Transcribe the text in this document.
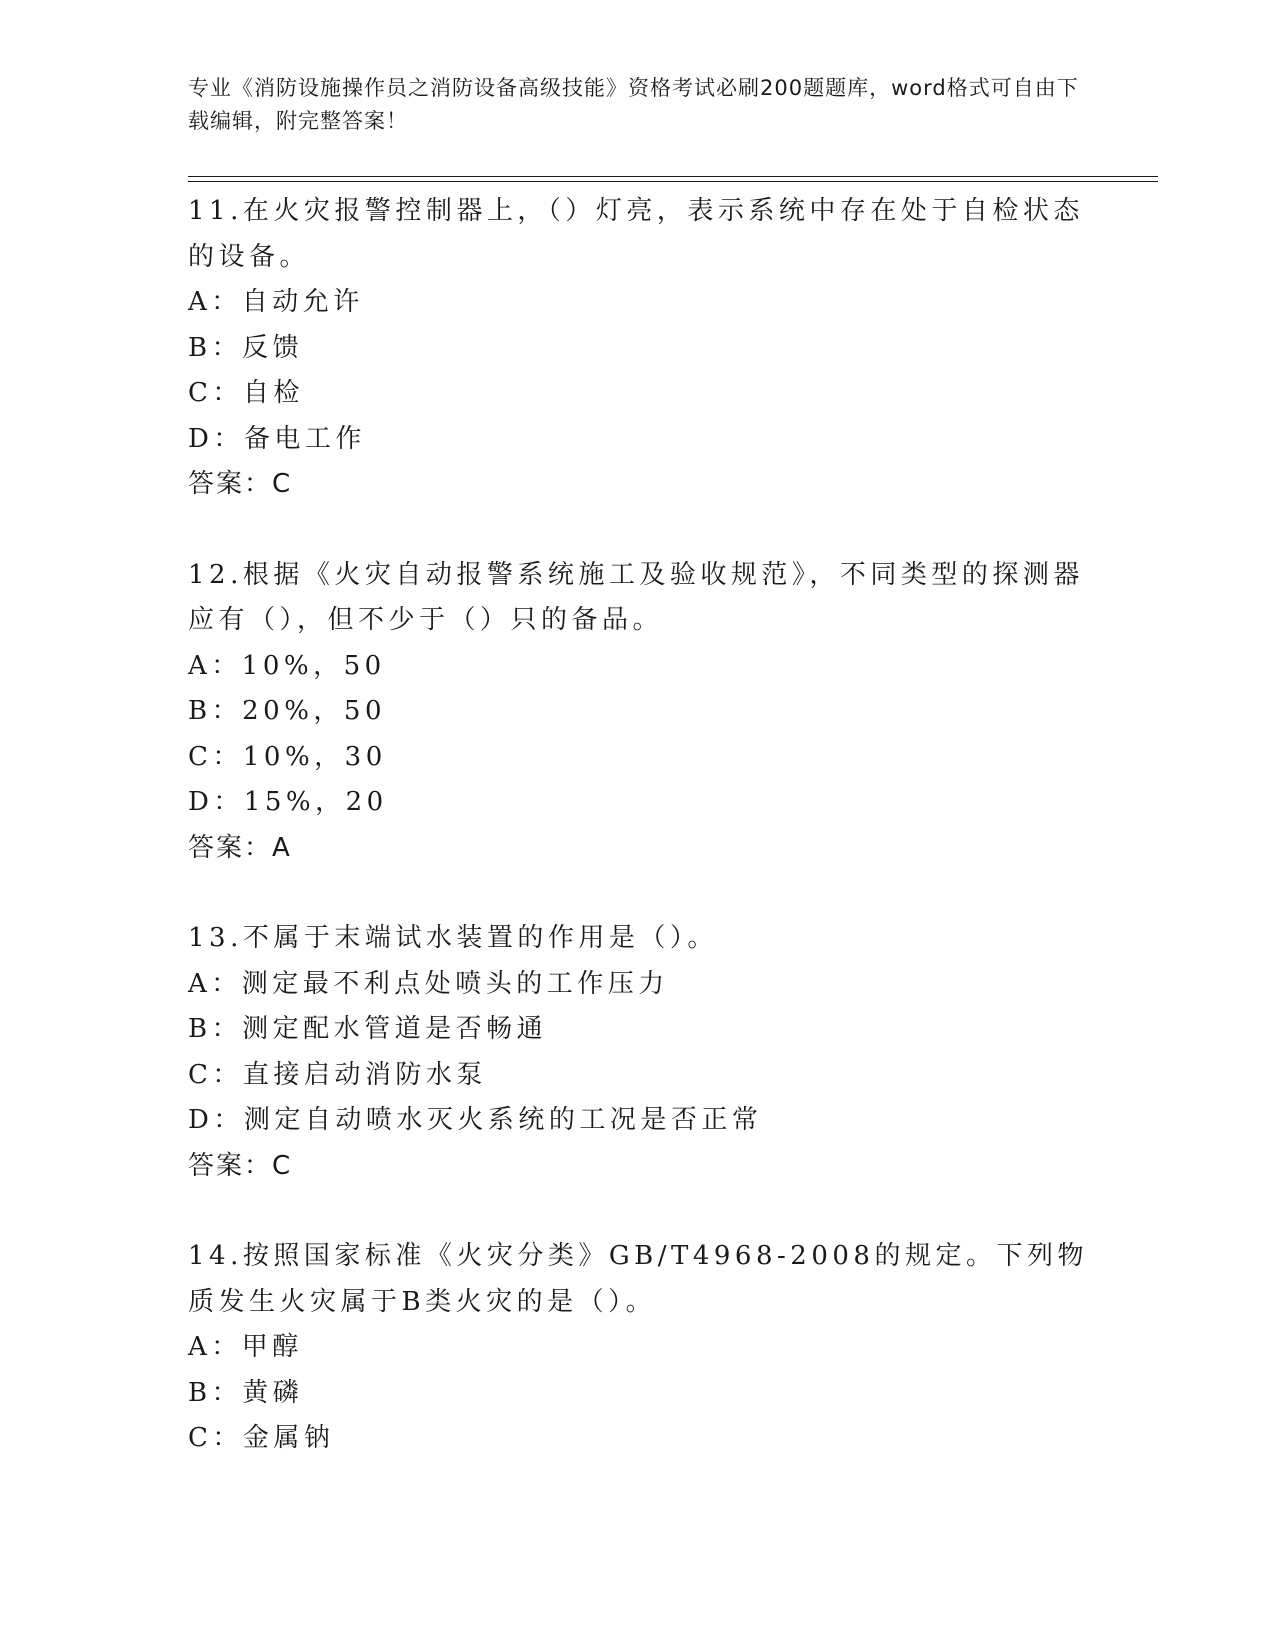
专业《消防设施操作员之消防设备高级技能》资格考试必刷200题题库，word格式可自由下载编辑，附完整答案！

11.在火灾报警控制器上，（）灯亮，表示系统中存在处于自检状态的设备。

A：自动允许

B：反馈

C：自检

D：备电工作

答案：C

12.根据《火灾自动报警系统施工及验收规范》，不同类型的探测器应有（），但不少于（）只的备品。

A：10%，50

B：20%，50

C：10%，30

D：15%，20

答案：A

13.不属于末端试水装置的作用是（）。

A：测定最不利点处喷头的工作压力

B：测定配水管道是否畅通

C：直接启动消防水泵

D：测定自动喷水灭火系统的工况是否正常

答案：C

14.按照国家标准《火灾分类》GB/T4968-2008的规定。下列物质发生火灾属于B类火灾的是（）。

A：甲醇

B：黄磷

C：金属钠
